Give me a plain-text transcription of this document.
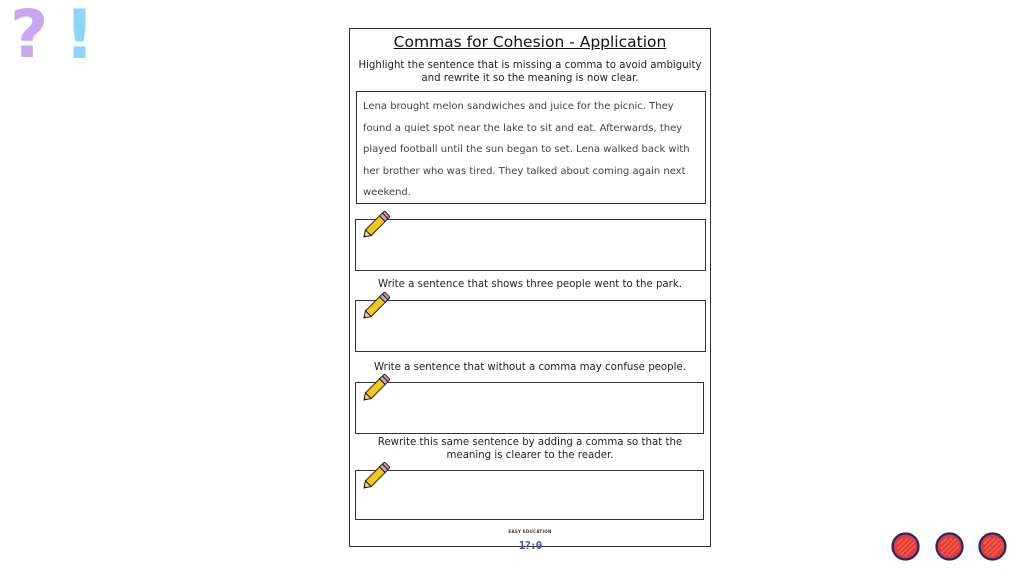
? !	Commas for Cohesion - Application
Highlight the sentence that is missing a comma to avoid ambiguity and rewrite it so the meaning is now clear.
Lena brought melon sandwiches and juice for the picnic. They
found a quiet spot near the lake to sit and eat. Afterwards, they
played football until the sun began to set. Lena walked back with
her brother who was tired. They talked about coming again next
weekend.
Write a sentence that shows three people went to the park.
Write a sentence that without a comma may confuse people.
Rewrite this same sentence by adding a comma so that the meaning is clearer to the reader.
EASY EDUCATION
1?:0
